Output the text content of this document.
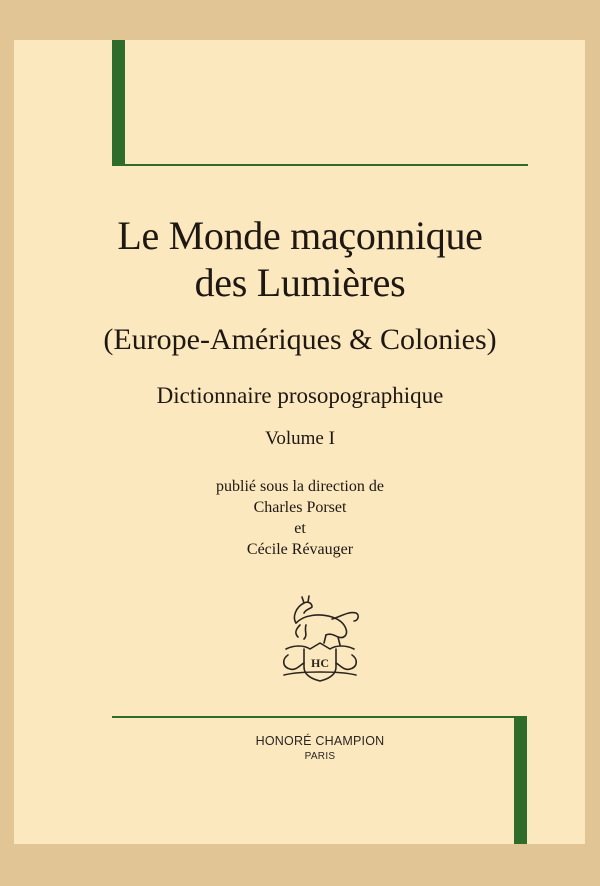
Le Monde maçonnique
des Lumières
(Europe-Amériques & Colonies)
Dictionnaire prosopographique
Volume I
publié sous la direction de
Charles Porset
et
Cécile Révauger
HC
HONORÉ CHAMPION
PARIS
